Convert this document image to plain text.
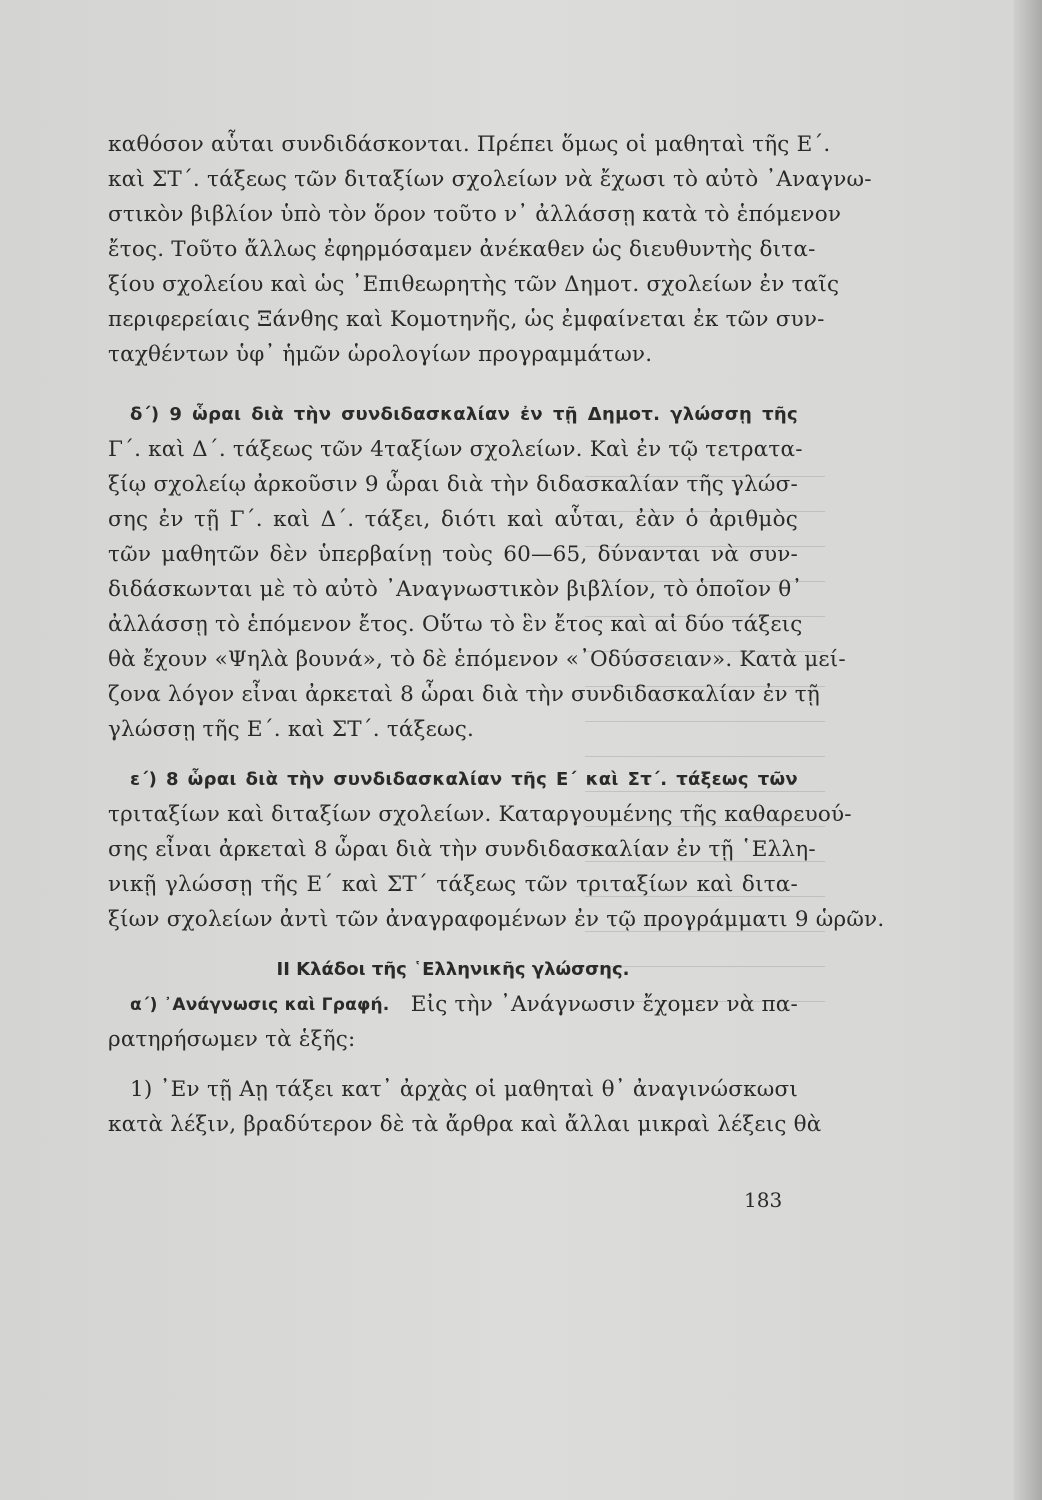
καθόσον αὗται συνδιδάσκονται. Πρέπει ὅμως οἱ μαθηταὶ τῆς Ε΄.
καὶ ΣΤ΄. τάξεως τῶν διταξίων σχολείων νὰ ἔχωσι τὸ αὐτὸ ᾿Αναγνω-
στικὸν βιβλίον ὑπὸ τὸν ὅρον τοῦτο ν᾿ ἀλλάσσῃ κατὰ τὸ ἑπόμενον
ἔτος. Τοῦτο ἄλλως ἐφηρμόσαμεν ἀνέκαθεν ὡς διευθυντὴς διτα-
ξίου σχολείου καὶ ὡς ᾿Επιθεωρητὴς τῶν Δημοτ. σχολείων ἐν ταῖς
περιφερείαις Ξάνθης καὶ Κομοτηνῆς, ὡς ἐμφαίνεται ἐκ τῶν συν-
ταχθέντων ὑφ᾿ ἡμῶν ὡρολογίων προγραμμάτων.
δ΄) 9 ὧραι διὰ τὴν συνδιδασκαλίαν ἐν τῇ Δημοτ. γλώσσῃ τῆς
Γ΄. καὶ Δ΄. τάξεως τῶν 4ταξίων σχολείων. Καὶ ἐν τῷ τετρατα-
ξίῳ σχολείῳ ἀρκοῦσιν 9 ὧραι διὰ τὴν διδασκαλίαν τῆς γλώσ-
σης ἐν τῇ Γ΄. καὶ Δ΄. τάξει, διότι καὶ αὗται, ἐὰν ὁ ἀριθμὸς
τῶν μαθητῶν δὲν ὑπερβαίνῃ τοὺς 60—65, δύνανται νὰ συν-
διδάσκωνται μὲ τὸ αὐτὸ ᾿Αναγνωστικὸν βιβλίον, τὸ ὁποῖον θ᾿
ἀλλάσσῃ τὸ ἑπόμενον ἔτος. Οὕτω τὸ ἓν ἔτος καὶ αἱ δύο τάξεις
θὰ ἔχουν «Ψηλὰ βουνά», τὸ δὲ ἑπόμενον «᾿Οδύσσειαν». Κατὰ μεί-
ζονα λόγον εἶναι ἀρκεταὶ 8 ὧραι διὰ τὴν συνδιδασκαλίαν ἐν τῇ
γλώσσῃ τῆς Ε΄. καὶ ΣΤ΄. τάξεως.
ε΄) 8 ὧραι διὰ τὴν συνδιδασκαλίαν τῆς Ε΄ καὶ Στ΄. τάξεως τῶν
τριταξίων καὶ διταξίων σχολείων. Καταργουμένης τῆς καθαρευού-
σης εἶναι ἀρκεταὶ 8 ὧραι διὰ τὴν συνδιδασκαλίαν ἐν τῇ ῾Ελλη-
νικῇ γλώσσῃ τῆς Ε΄ καὶ ΣΤ΄ τάξεως τῶν τριταξίων καὶ διτα-
ξίων σχολείων ἀντὶ τῶν ἀναγραφομένων ἐν τῷ προγράμματι 9 ὡρῶν.
ΙΙ Κλάδοι τῆς ῾Ελληνικῆς γλώσσης.
α΄) ᾿Ανάγνωσις καὶ Γραφή. Εἰς τὴν ᾿Ανάγνωσιν ἔχομεν νὰ πα-
ρατηρήσωμεν τὰ ἑξῆς:
1) ᾿Εν τῇ Αῃ τάξει κατ᾿ ἀρχὰς οἱ μαθηταὶ θ᾿ ἀναγινώσκωσι
κατὰ λέξιν, βραδύτερον δὲ τὰ ἄρθρα καὶ ἄλλαι μικραὶ λέξεις θὰ
183
